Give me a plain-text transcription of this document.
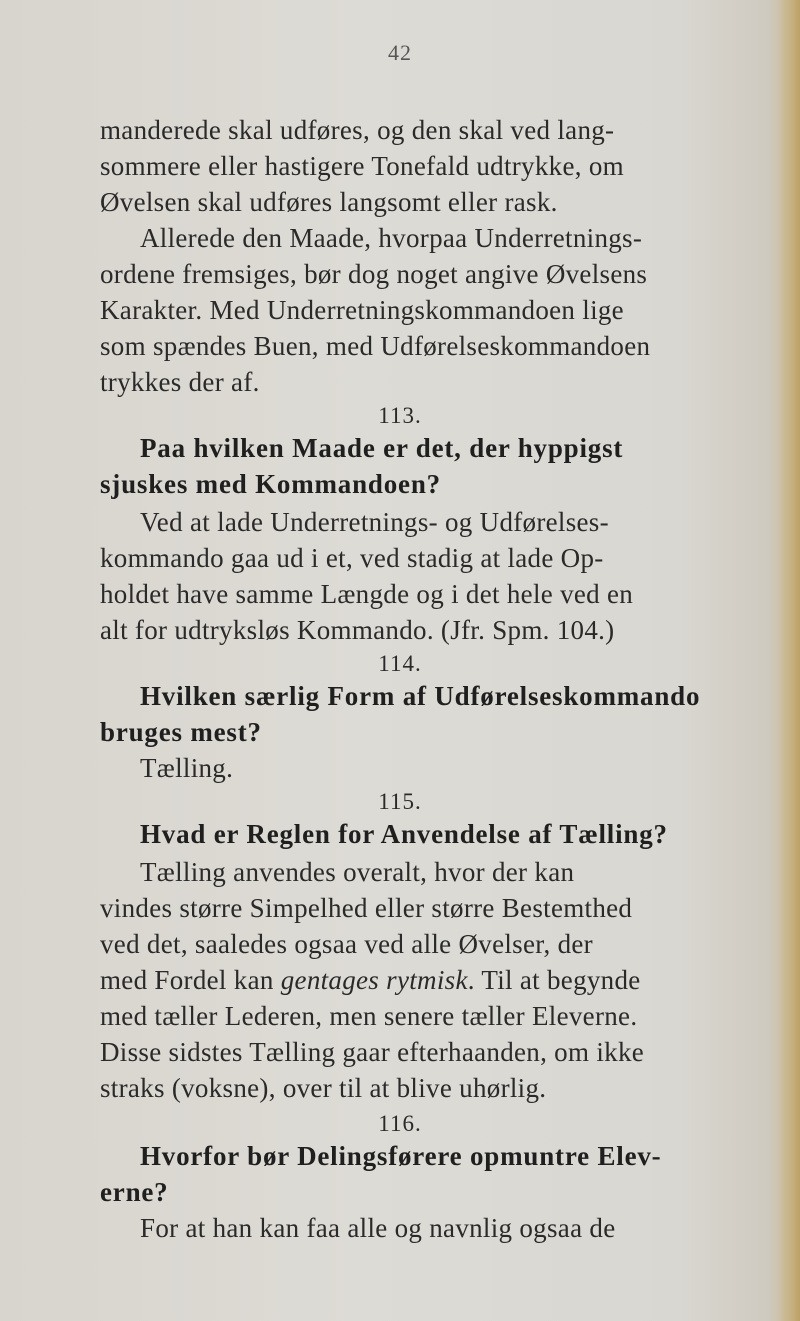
42
manderede skal udføres, og den skal ved lang-
sommere eller hastigere Tonefald udtrykke, om
Øvelsen skal udføres langsomt eller rask.
Allerede den Maade, hvorpaa Underretnings-
ordene fremsiges, bør dog noget angive Øvelsens
Karakter. Med Underretningskommandoen lige
som spændes Buen, med Udførelseskommandoen
trykkes der af.
113.
Paa hvilken Maade er det, der hyppigst
sjuskes med Kommandoen?
Ved at lade Underretnings- og Udførelses-
kommando gaa ud i et, ved stadig at lade Op-
holdet have samme Længde og i det hele ved en
alt for udtryksløs Kommando. (Jfr. Spm. 104.)
114.
Hvilken særlig Form af Udførelseskommando
bruges mest?
Tælling.
115.
Hvad er Reglen for Anvendelse af Tælling?
Tælling anvendes overalt, hvor der kan
vindes større Simpelhed eller større Bestemthed
ved det, saaledes ogsaa ved alle Øvelser, der
med Fordel kan gentages rytmisk. Til at begynde
med tæller Lederen, men senere tæller Eleverne.
Disse sidstes Tælling gaar efterhaanden, om ikke
straks (voksne), over til at blive uhørlig.
116.
Hvorfor bør Delingsførere opmuntre Elev-
erne?
For at han kan faa alle og navnlig ogsaa de
